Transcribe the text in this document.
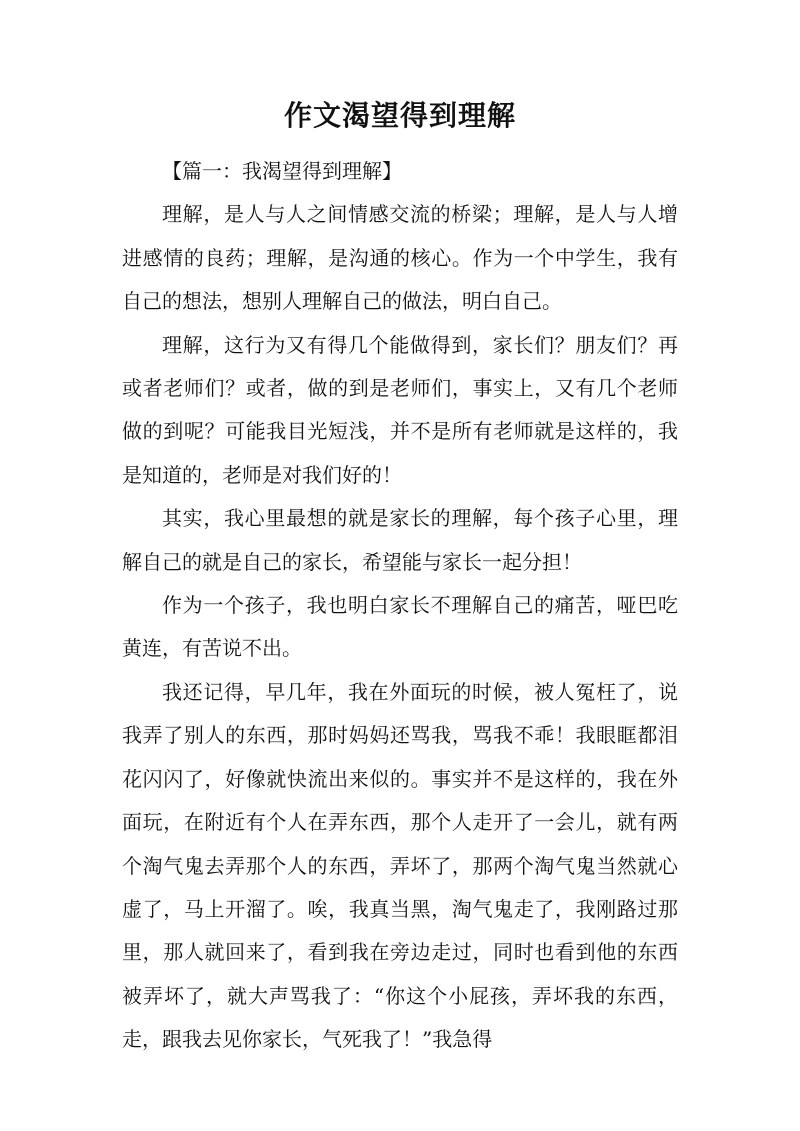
作文渴望得到理解

【篇一：我渴望得到理解】

理解，是人与人之间情感交流的桥梁；理解，是人与人增进感情的良药；理解，是沟通的核心。作为一个中学生，我有自己的想法，想别人理解自己的做法，明白自己。

理解，这行为又有得几个能做得到，家长们？朋友们？再或者老师们？或者，做的到是老师们，事实上，又有几个老师做的到呢？可能我目光短浅，并不是所有老师就是这样的，我是知道的，老师是对我们好的！

其实，我心里最想的就是家长的理解，每个孩子心里，理解自己的就是自己的家长，希望能与家长一起分担！

作为一个孩子，我也明白家长不理解自己的痛苦，哑巴吃黄连，有苦说不出。

我还记得，早几年，我在外面玩的时候，被人冤枉了，说我弄了别人的东西，那时妈妈还骂我，骂我不乖！我眼眶都泪花闪闪了，好像就快流出来似的。事实并不是这样的，我在外面玩，在附近有个人在弄东西，那个人走开了一会儿，就有两个淘气鬼去弄那个人的东西，弄坏了，那两个淘气鬼当然就心虚了，马上开溜了。唉，我真当黑，淘气鬼走了，我刚路过那里，那人就回来了，看到我在旁边走过，同时也看到他的东西被弄坏了，就大声骂我了：“你这个小屁孩，弄坏我的东西，走，跟我去见你家长，气死我了！”我急得
